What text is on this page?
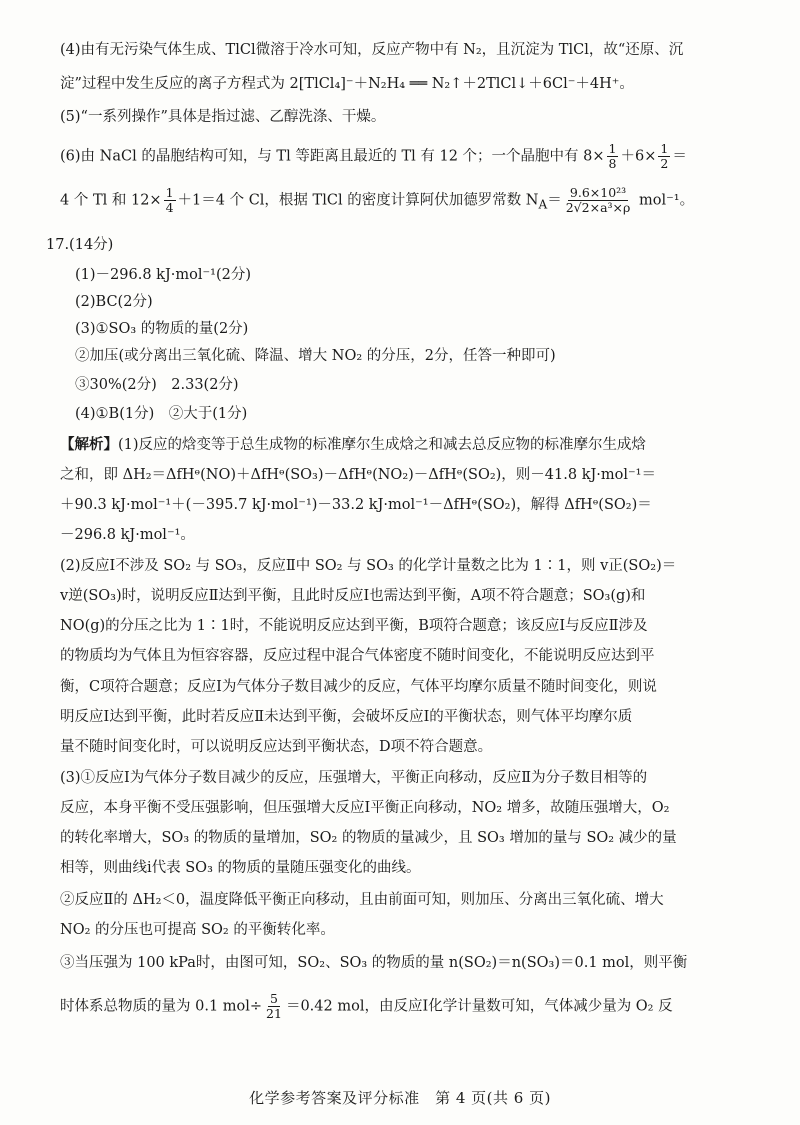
(4)由有无污染气体生成、TlCl微溶于冷水可知，反应产物中有 N₂，且沉淀为 TlCl，故“还原、沉
淀”过程中发生反应的离子方程式为 2[TlCl₄]⁻＋N₂H₄ ══ N₂↑＋2TlCl↓＋6Cl⁻＋4H⁺。
(5)“一系列操作”具体是指过滤、乙醇洗涤、干燥。
(6)由 NaCl 的晶胞结构可知，与 Tl 等距离且最近的 Tl 有 12 个；一个晶胞中有 $8\times \frac{1}{8} +6\times \frac{1}{2}$ ＝
4 个 Tl 和 $12\times \frac{1}{4} +1=4$ 个 Cl，根据 TlCl 的密度计算阿伏加德罗常数 $N_A= \frac{\text{9.6×10²³}}{\text{2√2×a³×ρ}} mol^{-1}$。
17.(14分)
(1)－296.8 kJ·mol⁻¹(2分)
(2)BC(2分)
(3)①SO₃ 的物质的量(2分)
②加压(或分离出三氧化硫、降温、增大 NO₂ 的分压，2分，任答一种即可)
③30%(2分)　2.33(2分)
(4)①B(1分)　②大于(1分)
【解析】(1)反应的焓变等于总生成物的标准摩尔生成焓之和减去总反应物的标准摩尔生成焓
之和，即 ΔH₂＝ΔfHᶱ(NO)＋ΔfHᶱ(SO₃)－ΔfHᶱ(NO₂)－ΔfHᶱ(SO₂)，则－41.8 kJ·mol⁻¹＝
＋90.3 kJ·mol⁻¹＋(－395.7 kJ·mol⁻¹)－33.2 kJ·mol⁻¹－ΔfHᶱ(SO₂)，解得 ΔfHᶱ(SO₂)＝
－296.8 kJ·mol⁻¹。
(2)反应Ⅰ不涉及 SO₂ 与 SO₃，反应Ⅱ中 SO₂ 与 SO₃ 的化学计量数之比为 1∶1，则 v正(SO₂)＝
v逆(SO₃)时，说明反应Ⅱ达到平衡，且此时反应Ⅰ也需达到平衡，A项不符合题意；SO₃(g)和
NO(g)的分压之比为 1∶1时，不能说明反应达到平衡，B项符合题意；该反应Ⅰ与反应Ⅱ涉及
的物质均为气体且为恒容容器，反应过程中混合气体密度不随时间变化，不能说明反应达到平
衡，C项符合题意；反应Ⅰ为气体分子数目减少的反应，气体平均摩尔质量不随时间变化，则说
明反应Ⅰ达到平衡，此时若反应Ⅱ未达到平衡，会破坏反应Ⅰ的平衡状态，则气体平均摩尔质
量不随时间变化时，可以说明反应达到平衡状态，D项不符合题意。
(3)①反应Ⅰ为气体分子数目减少的反应，压强增大，平衡正向移动，反应Ⅱ为分子数目相等的
反应，本身平衡不受压强影响，但压强增大反应Ⅰ平衡正向移动，NO₂ 增多，故随压强增大，O₂
的转化率增大，SO₃ 的物质的量增加，SO₂ 的物质的量减少，且 SO₃ 增加的量与 SO₂ 减少的量
相等，则曲线ⅰ代表 SO₃ 的物质的量随压强变化的曲线。
②反应Ⅱ的 ΔH₂＜0，温度降低平衡正向移动，且由前面可知，则加压、分离出三氧化硫、增大
NO₂ 的分压也可提高 SO₂ 的平衡转化率。
③当压强为 100 kPa时，由图可知，SO₂、SO₃ 的物质的量 n(SO₂)＝n(SO₃)＝0.1 mol，则平衡
时体系总物质的量为 0.1 $mol\div \frac{5}{21} =0.42$ mol，由反应Ⅰ化学计量数可知，气体减少量为 O₂ 反
化学参考答案及评分标准　第 4 页(共 6 页)
